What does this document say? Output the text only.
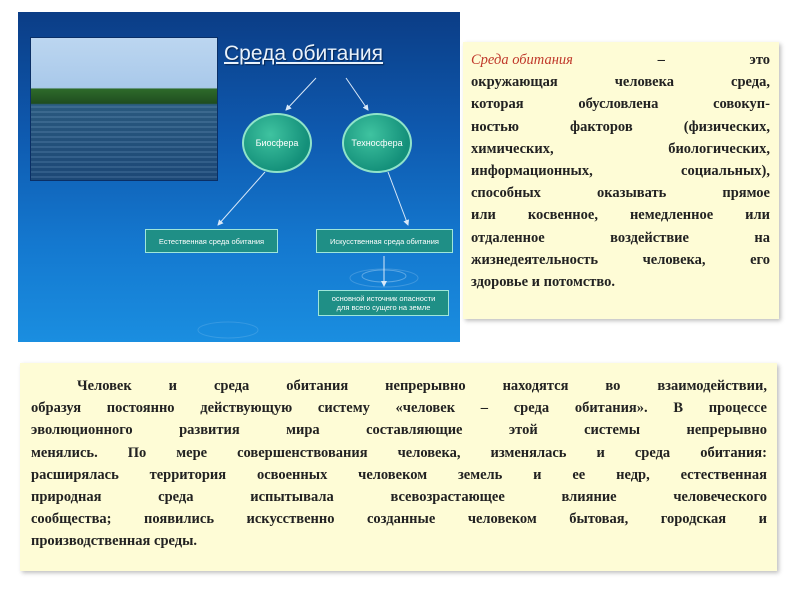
Среда обитания
Биосфера	Техносфера
Естественная среда обитания	Искусственная среда обитания
основной источник опасности
для всего сущего на земле
Среда обитания	–	это
окружающая	человека	среда,
которая	обусловлена	совокуп-
ностью	факторов	(физических,
химических,	биологических,
информационных,	социальных),
способных	оказывать	прямое
или косвенное, немедленное или
отдаленное	воздействие	на
жизнедеятельность	человека,	его
здоровье и потомство.
Человек	и	среда	обитания	непрерывно	находятся	во	взаимодействии,
образуя постоянно действующую систему «человек – среда обитания». В процессе
эволюционного	развития	мира	составляющие	этой	системы	непрерывно
менялись. По мере совершенствования человека, изменялась и среда обитания:
расширялась территория освоенных человеком земель и ее недр, естественная
природная	среда	испытывала	всевозрастающее	влияние	человеческого
сообщества; появились искусственно созданные человеком бытовая, городская и
производственная среды.
